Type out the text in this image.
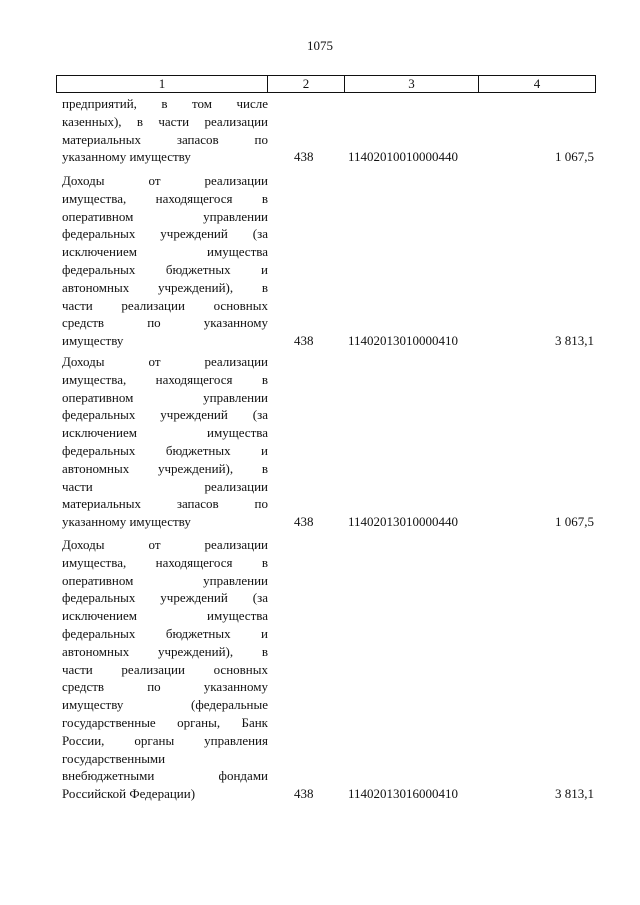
1075
1	2	3	4
предприятий, в том числе
казенных), в части реализации
материальных запасов по
указанному имуществу	438	11402010010000440	1 067,5
Доходы от реализации
имущества, находящегося в
оперативном управлении
федеральных учреждений (за
исключением имущества
федеральных бюджетных и
автономных учреждений), в
части реализации основных
средств по указанному
имуществу	438	11402013010000410	3 813,1
Доходы от реализации
имущества, находящегося в
оперативном управлении
федеральных учреждений (за
исключением имущества
федеральных бюджетных и
автономных учреждений), в
части реализации
материальных запасов по
указанному имуществу	438	11402013010000440	1 067,5
Доходы от реализации
имущества, находящегося в
оперативном управлении
федеральных учреждений (за
исключением имущества
федеральных бюджетных и
автономных учреждений), в
части реализации основных
средств по указанному
имуществу (федеральные
государственные органы, Банк
России, органы управления
государственными
внебюджетными фондами
Российской Федерации)	438	11402013016000410	3 813,1
